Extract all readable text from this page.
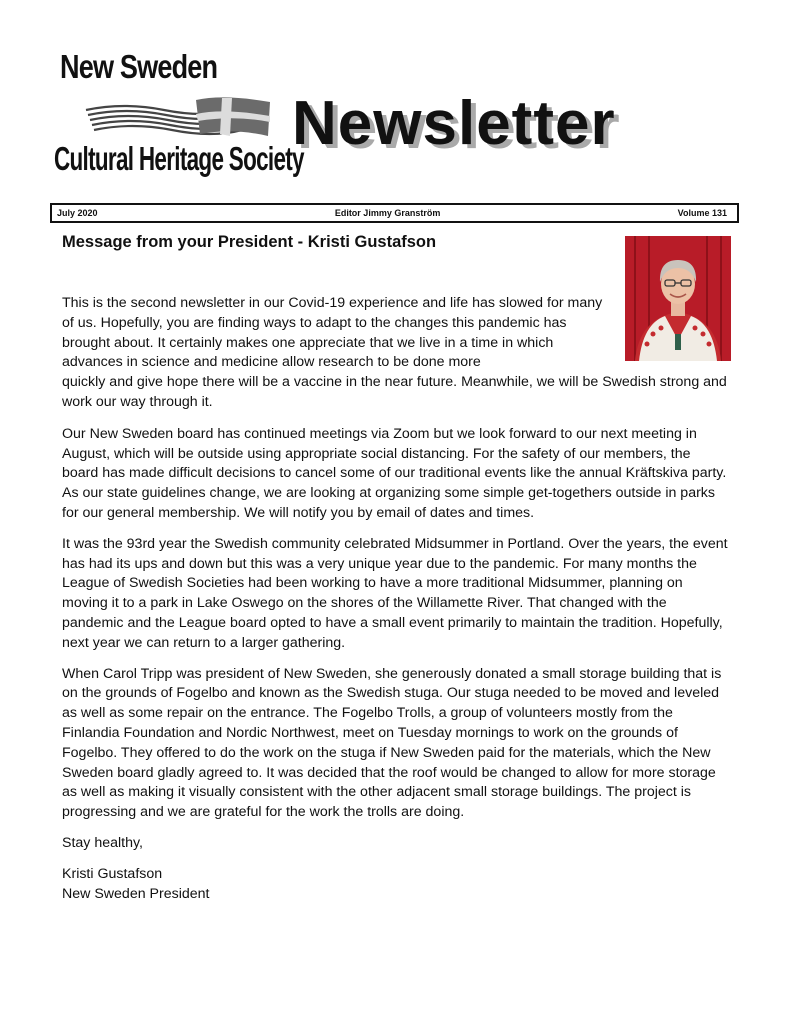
New Sweden
Cultural Heritage Society
Newsletter
July 2020	Editor Jimmy Granström	Volume 131
Message from your President - Kristi Gustafson

This is the second newsletter in our Covid-19 experience and life has slowed for many of us. Hopefully, you are finding ways to adapt to the changes this pandemic has brought about. It certainly makes one appreciate that we live in a time in which advances in science and medicine allow research to be done more
quickly and give hope there will be a vaccine in the near future. Meanwhile, we will be Swedish strong and work our way through it.

Our New Sweden board has continued meetings via Zoom but we look forward to our next meeting in August, which will be outside using appropriate social distancing. For the safety of our members, the board has made difficult decisions to cancel some of our traditional events like the annual Kräftskiva party. As our state guidelines change, we are looking at organizing some simple get-togethers outside in parks for our general membership. We will notify you by email of dates and times.

It was the 93rd year the Swedish community celebrated Midsummer in Portland. Over the years, the event has had its ups and down but this was a very unique year due to the pandemic. For many months the League of Swedish Societies had been working to have a more traditional Midsummer, planning on moving it to a park in Lake Oswego on the shores of the Willamette River. That changed with the pandemic and the League board opted to have a small event primarily to maintain the tradition. Hopefully, next year we can return to a larger gathering.

When Carol Tripp was president of New Sweden, she generously donated a small storage building that is on the grounds of Fogelbo and known as the Swedish stuga. Our stuga needed to be moved and leveled as well as some repair on the entrance. The Fogelbo Trolls, a group of volunteers mostly from the Finlandia Foundation and Nordic Northwest, meet on Tuesday mornings to work on the grounds of Fogelbo. They offered to do the work on the stuga if New Sweden paid for the materials, which the New Sweden board gladly agreed to. It was decided that the roof would be changed to allow for more storage as well as making it visually consistent with the other adjacent small storage buildings. The project is progressing and we are grateful for the work the trolls are doing.

Stay healthy,

Kristi Gustafson
New Sweden President
